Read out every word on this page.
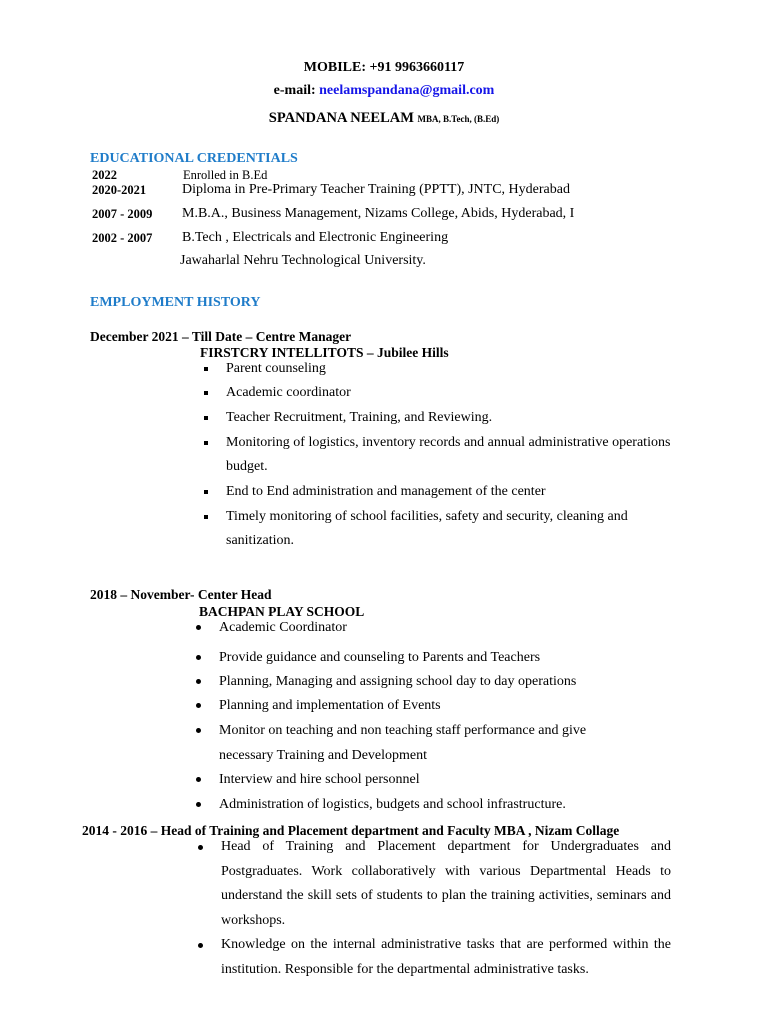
MOBILE: +91 9963660117
e-mail: neelamspandana@gmail.com
SPANDANA NEELAM MBA, B.Tech, (B.Ed)
EDUCATIONAL CREDENTIALS
2022	Enrolled in B.Ed
2020-2021	Diploma in Pre-Primary Teacher Training (PPTT), JNTC, Hyderabad
2007 - 2009 M.B.A., Business Management, Nizams College, Abids, Hyderabad, I
2002 - 2007 B.Tech , Electricals and Electronic Engineering
Jawaharlal Nehru Technological University.
EMPLOYMENT HISTORY
December 2021 – Till Date – Centre Manager
FIRSTCRY INTELLITOTS – Jubilee Hills
Parent counseling
Academic coordinator
Teacher Recruitment, Training, and Reviewing.
Monitoring of logistics, inventory records and annual administrative operations
budget.
End to End administration and management of the center
Timely monitoring of school facilities, safety and security, cleaning and
sanitization.
2018 – November- Center Head
BACHPAN PLAY SCHOOL
Academic Coordinator
Provide guidance and counseling to Parents and Teachers
Planning, Managing and assigning school day to day operations
Planning and implementation of Events
Monitor on teaching and non teaching staff performance and give
necessary Training and Development
Interview and hire school personnel
Administration of logistics, budgets and school infrastructure.
2014 - 2016 – Head of Training and Placement department and Faculty MBA , Nizam Collage
Head of Training and Placement department for Undergraduates and Postgraduates. Work collaboratively with various Departmental Heads to understand the skill sets of students to plan the training activities, seminars and workshops.
Knowledge on the internal administrative tasks that are performed within the institution. Responsible for the departmental administrative tasks.
